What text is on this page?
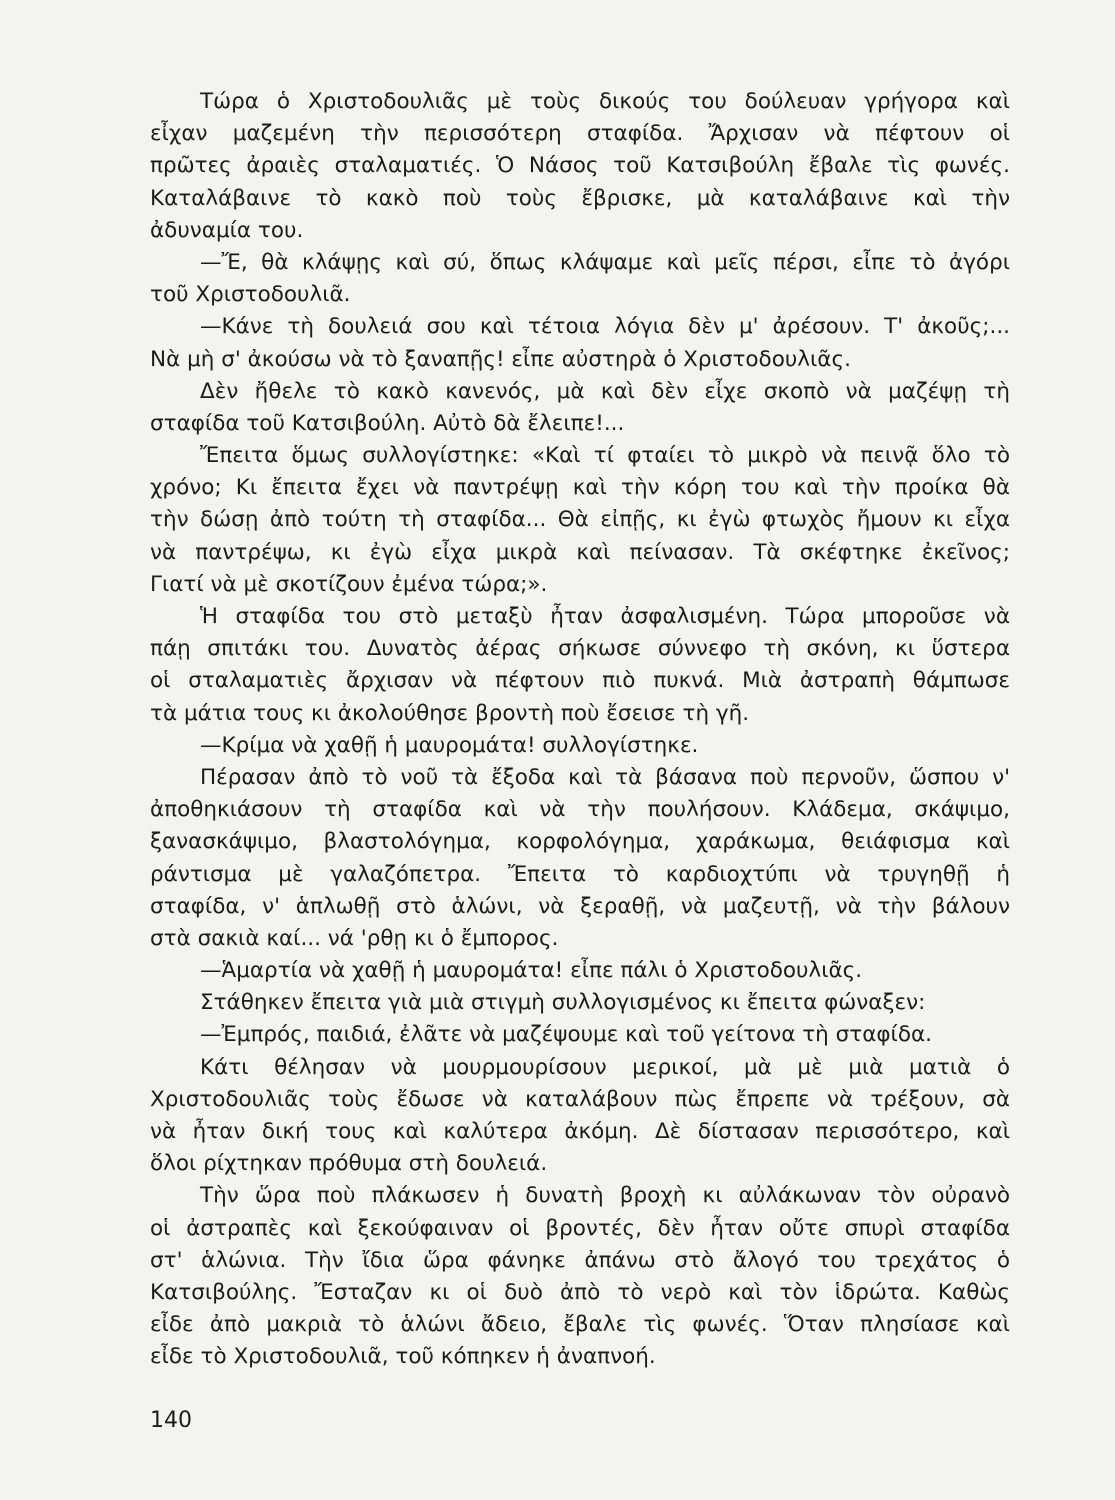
Τώρα ὁ Χριστοδουλιᾶς μὲ τοὺς δικούς του δούλευαν γρήγορα καὶ
εἶχαν μαζεμένη τὴν περισσότερη σταφίδα. Ἄρχισαν νὰ πέφτουν οἱ
πρῶτες ἀραιὲς σταλαματιές. Ὁ Νάσος τοῦ Κατσιβούλη ἔβαλε τὶς φωνές.
Καταλάβαινε τὸ κακὸ ποὺ τοὺς ἔβρισκε, μὰ καταλάβαινε καὶ τὴν
ἀδυναμία του.
—Ἔ, θὰ κλάψῃς καὶ σύ, ὅπως κλάψαμε καὶ μεῖς πέρσι, εἶπε τὸ ἀγόρι
τοῦ Χριστοδουλιᾶ.
—Κάνε τὴ δουλειά σου καὶ τέτοια λόγια δὲν μ' ἀρέσουν. Τ' ἀκοῦς;...
Νὰ μὴ σ' ἀκούσω νὰ τὸ ξαναπῇς! εἶπε αὐστηρὰ ὁ Χριστοδουλιᾶς.
Δὲν ἤθελε τὸ κακὸ κανενός, μὰ καὶ δὲν εἶχε σκοπὸ νὰ μαζέψῃ τὴ
σταφίδα τοῦ Κατσιβούλη. Αὐτὸ δὰ ἔλειπε!...
Ἔπειτα ὅμως συλλογίστηκε: «Καὶ τί φταίει τὸ μικρὸ νὰ πεινᾷ ὅλο τὸ
χρόνο; Κι ἔπειτα ἔχει νὰ παντρέψῃ καὶ τὴν κόρη του καὶ τὴν προίκα θὰ
τὴν δώσῃ ἀπὸ τούτη τὴ σταφίδα... Θὰ εἰπῇς, κι ἐγὼ φτωχὸς ἤμουν κι εἶχα
νὰ παντρέψω, κι ἐγὼ εἶχα μικρὰ καὶ πείνασαν. Τὰ σκέφτηκε ἐκεῖνος;
Γιατί νὰ μὲ σκοτίζουν ἐμένα τώρα;».
Ἡ σταφίδα του στὸ μεταξὺ ἦταν ἀσφαλισμένη. Τώρα μποροῦσε νὰ
πάῃ σπιτάκι του. Δυνατὸς ἀέρας σήκωσε σύννεφο τὴ σκόνη, κι ὕστερα
οἱ σταλαματιὲς ἄρχισαν νὰ πέφτουν πιὸ πυκνά. Μιὰ ἀστραπὴ θάμπωσε
τὰ μάτια τους κι ἀκολούθησε βροντὴ ποὺ ἔσεισε τὴ γῆ.
—Κρίμα νὰ χαθῇ ἡ μαυρομάτα! συλλογίστηκε.
Πέρασαν ἀπὸ τὸ νοῦ τὰ ἔξοδα καὶ τὰ βάσανα ποὺ περνοῦν, ὥσπου ν'
ἀποθηκιάσουν τὴ σταφίδα καὶ νὰ τὴν πουλήσουν. Κλάδεμα, σκάψιμο,
ξανασκάψιμο, βλαστολόγημα, κορφολόγημα, χαράκωμα, θειάφισμα καὶ
ράντισμα μὲ γαλαζόπετρα. Ἔπειτα τὸ καρδιοχτύπι νὰ τρυγηθῇ ἡ
σταφίδα, ν' ἁπλωθῇ στὸ ἁλώνι, νὰ ξεραθῇ, νὰ μαζευτῇ, νὰ τὴν βάλουν
στὰ σακιὰ καί... νά 'ρθῃ κι ὁ ἔμπορος.
—Ἁμαρτία νὰ χαθῇ ἡ μαυρομάτα! εἶπε πάλι ὁ Χριστοδουλιᾶς.
Στάθηκεν ἔπειτα γιὰ μιὰ στιγμὴ συλλογισμένος κι ἔπειτα φώναξεν:
—Ἐμπρός, παιδιά, ἐλᾶτε νὰ μαζέψουμε καὶ τοῦ γείτονα τὴ σταφίδα.
Κάτι θέλησαν νὰ μουρμουρίσουν μερικοί, μὰ μὲ μιὰ ματιὰ ὁ
Χριστοδουλιᾶς τοὺς ἔδωσε νὰ καταλάβουν πὼς ἔπρεπε νὰ τρέξουν, σὰ
νὰ ἦταν δική τους καὶ καλύτερα ἀκόμη. Δὲ δίστασαν περισσότερο, καὶ
ὅλοι ρίχτηκαν πρόθυμα στὴ δουλειά.
Τὴν ὥρα ποὺ πλάκωσεν ἡ δυνατὴ βροχὴ κι αὐλάκωναν τὸν οὐρανὸ
οἱ ἀστραπὲς καὶ ξεκούφαιναν οἱ βροντές, δὲν ἦταν οὔτε σπυρὶ σταφίδα
στ' ἁλώνια. Τὴν ἴδια ὥρα φάνηκε ἀπάνω στὸ ἄλογό του τρεχάτος ὁ
Κατσιβούλης. Ἔσταζαν κι οἱ δυὸ ἀπὸ τὸ νερὸ καὶ τὸν ἱδρώτα. Καθὼς
εἶδε ἀπὸ μακριὰ τὸ ἁλώνι ἄδειο, ἔβαλε τὶς φωνές. Ὅταν πλησίασε καὶ
εἶδε τὸ Χριστοδουλιᾶ, τοῦ κόπηκεν ἡ ἀναπνοή.
140
